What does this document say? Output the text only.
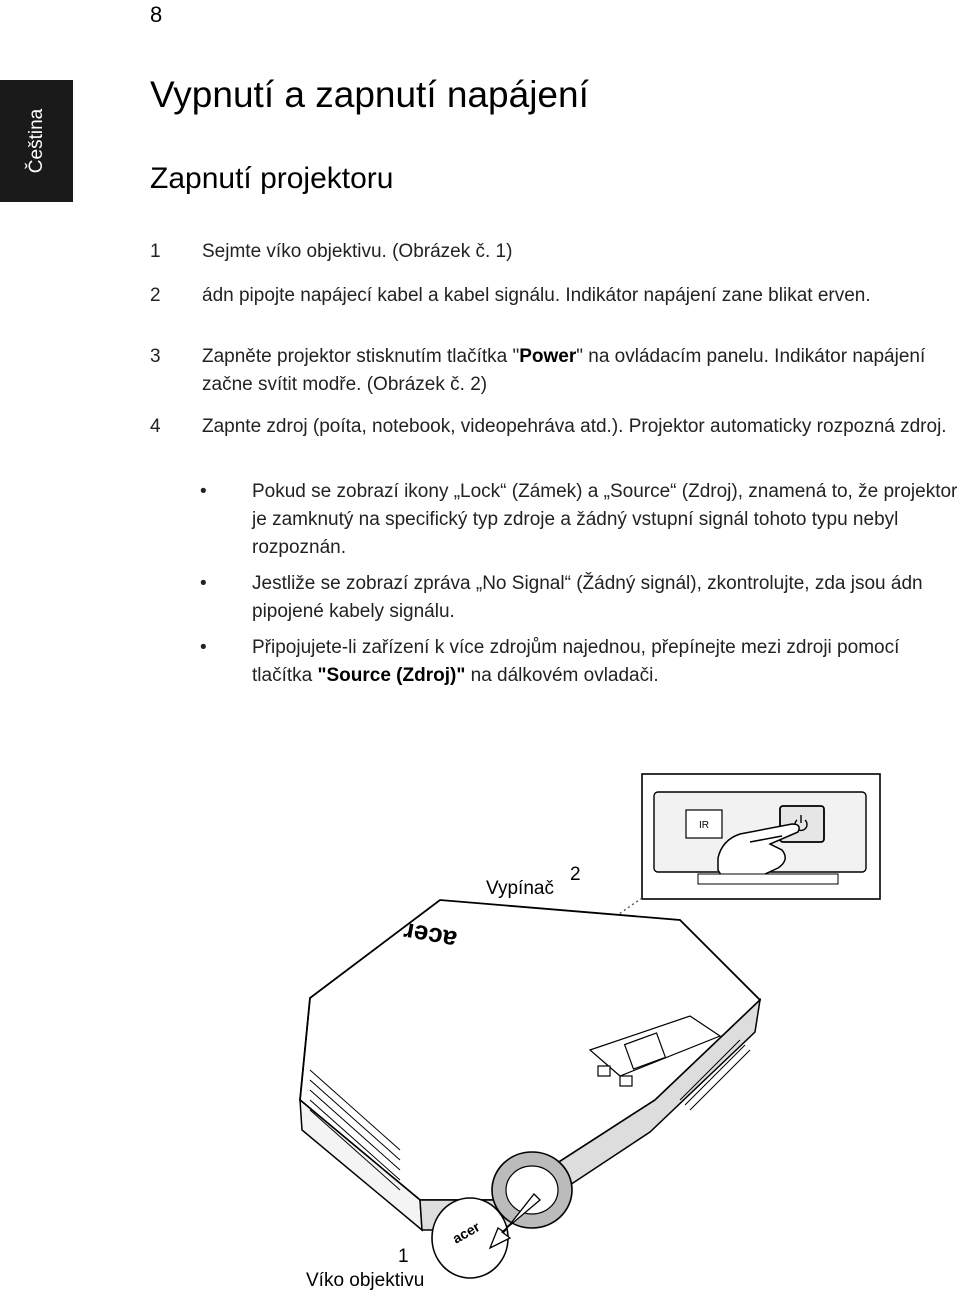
8
Čeština
Vypnutí a zapnutí napájení
Zapnutí projektoru
1 Sejmte víko objektivu. (Obrázek č. 1)
2 ádn pipojte napájecí kabel a kabel signálu. Indikátor napájení zane blikat erven.
3 Zapněte projektor stisknutím tlačítka "Power" na ovládacím panelu. Indikátor napájení začne svítit modře. (Obrázek č. 2)
4 Zapnte zdroj (poíta, notebook, videopehráva atd.). Projektor automaticky rozpozná zdroj.
• Pokud se zobrazí ikony „Lock“ (Zámek) a „Source“ (Zdroj), znamená to, že projektor je zamknutý na specifický typ zdroje a žádný vstupní signál tohoto typu nebyl rozpoznán.
• Jestliže se zobrazí zpráva „No Signal“ (Žádný signál), zkontrolujte, zda jsou ádn pipojené kabely signálu.
• Připojujete-li zařízení k více zdrojům najednou, přepínejte mezi zdroji pomocí tlačítka "Source (Zdroj)" na dálkovém ovladači.
IR
acer
acer
Vypínač
2
1
Víko objektivu
